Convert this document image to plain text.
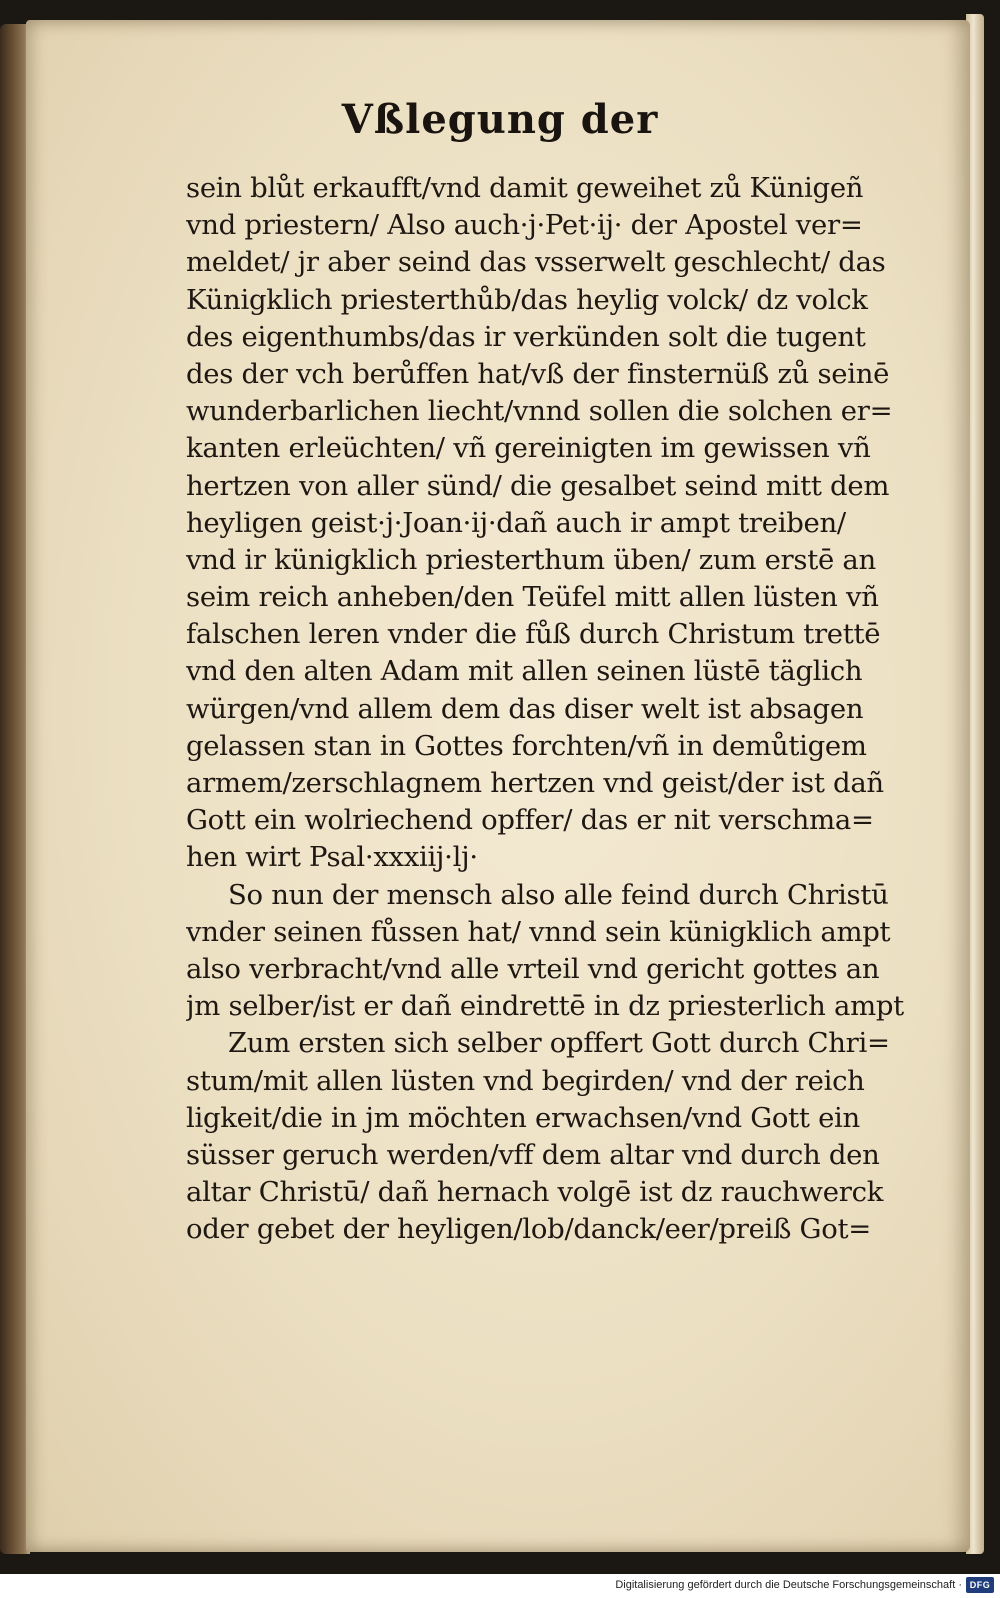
Vßlegung der
sein blůt erkaufft/vnd damit geweihet zů Künigeñ
vnd priestern/ Also auch·j·Pet·ij· der Apostel ver=
meldet/ jr aber seind das vsserwelt geschlecht/ das
Künigklich priesterthůb/das heylig volck/ dz volck
des eigenthumbs/das ir verkünden solt die tugent
des der vch berůffen hat/vß der finsternüß zů seinē
wunderbarlichen liecht/vnnd sollen die solchen er=
kanten erleüchten/ vñ gereinigten im gewissen vñ
hertzen von aller sünd/ die gesalbet seind mitt dem
heyligen geist·j·Joan·ij·dañ auch ir ampt treiben/
vnd ir künigklich priesterthum üben/ zum erstē an
seim reich anheben/den Teüfel mitt allen lüsten vñ
falschen leren vnder die fůß durch Christum trettē
vnd den alten Adam mit allen seinen lüstē täglich
würgen/vnd allem dem das diser welt ist absagen
gelassen stan in Gottes forchten/vñ in demůtigem
armem/zerschlagnem hertzen vnd geist/der ist dañ
Gott ein wolriechend opffer/ das er nit verschma=
hen wirt Psal·xxxiij·lj·
So nun der mensch also alle feind durch Christū
vnder seinen fůssen hat/ vnnd sein künigklich ampt
also verbracht/vnd alle vrteil vnd gericht gottes an
jm selber/ist er dañ eindrettē in dz priesterlich ampt
Zum ersten sich selber opffert Gott durch Chri=
stum/mit allen lüsten vnd begirden/ vnd der reich
ligkeit/die in jm möchten erwachsen/vnd Gott ein
süsser geruch werden/vff dem altar vnd durch den
altar Christū/ dañ hernach volgē ist dz rauchwerck
oder gebet der heyligen/lob/danck/eer/preiß Got=
Digitalisierung gefördert durch die Deutsche Forschungsgemeinschaft · DFG
